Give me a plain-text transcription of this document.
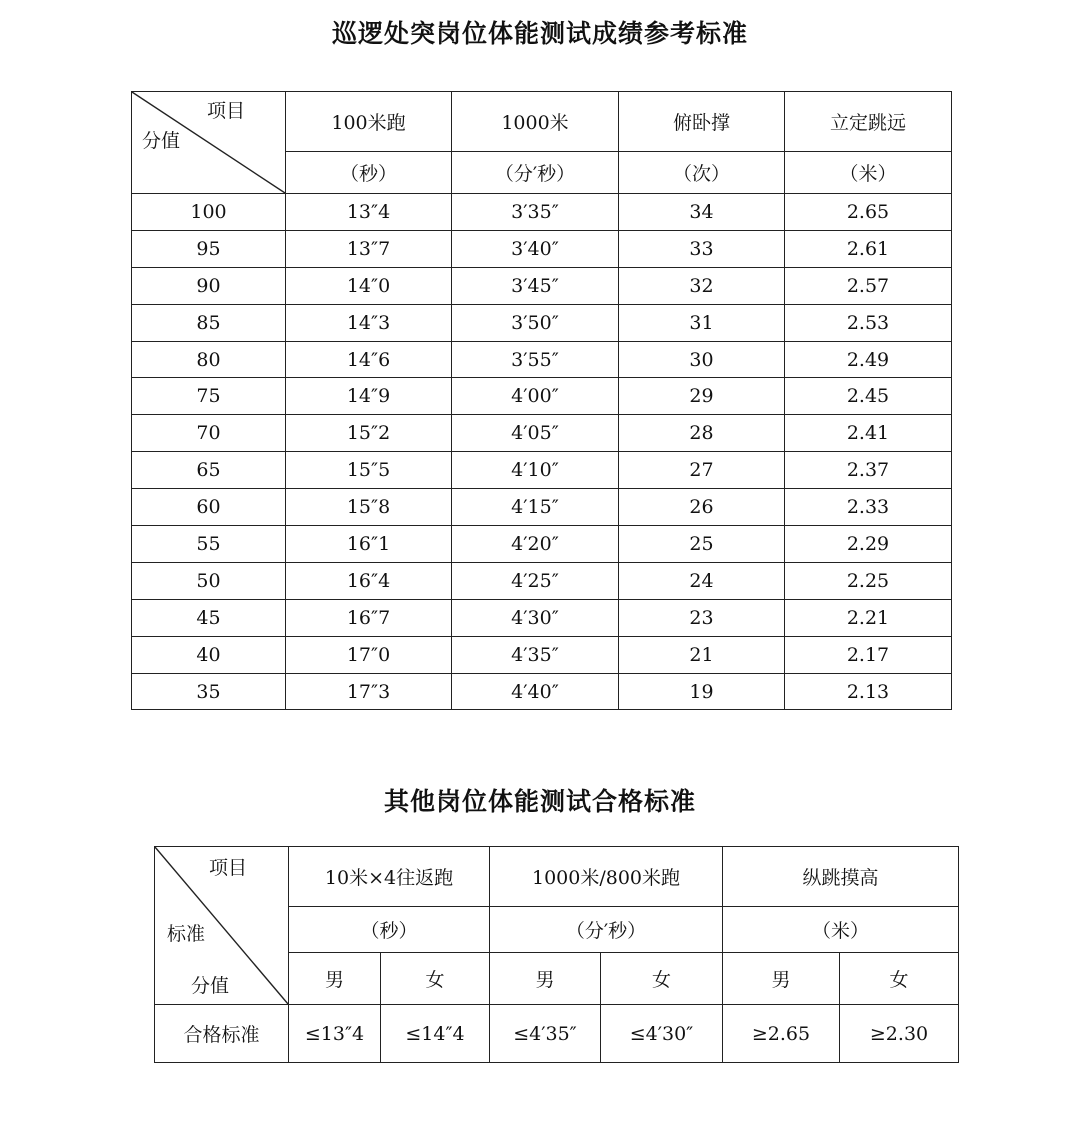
巡逻处突岗位体能测试成绩参考标准
项目
分值	100米跑	1000米	俯卧撑	立定跳远
	（秒）	（分′秒）	（次）	（米）
100	13″4	3′35″	34	2.65
95	13″7	3′40″	33	2.61
90	14″0	3′45″	32	2.57
85	14″3	3′50″	31	2.53
80	14″6	3′55″	30	2.49
75	14″9	4′00″	29	2.45
70	15″2	4′05″	28	2.41
65	15″5	4′10″	27	2.37
60	15″8	4′15″	26	2.33
55	16″1	4′20″	25	2.29
50	16″4	4′25″	24	2.25
45	16″7	4′30″	23	2.21
40	17″0	4′35″	21	2.17
35	17″3	4′40″	19	2.13
其他岗位体能测试合格标准
项目
标准
分值	10米×4往返跑		1000米/800米跑		纵跳摸高	
	（秒）		（分′秒）		（米）	
	男	女	男	女	男	女
合格标准	≤13″4	≤14″4	≤4′35″	≤4′30″	≥2.65	≥2.30
